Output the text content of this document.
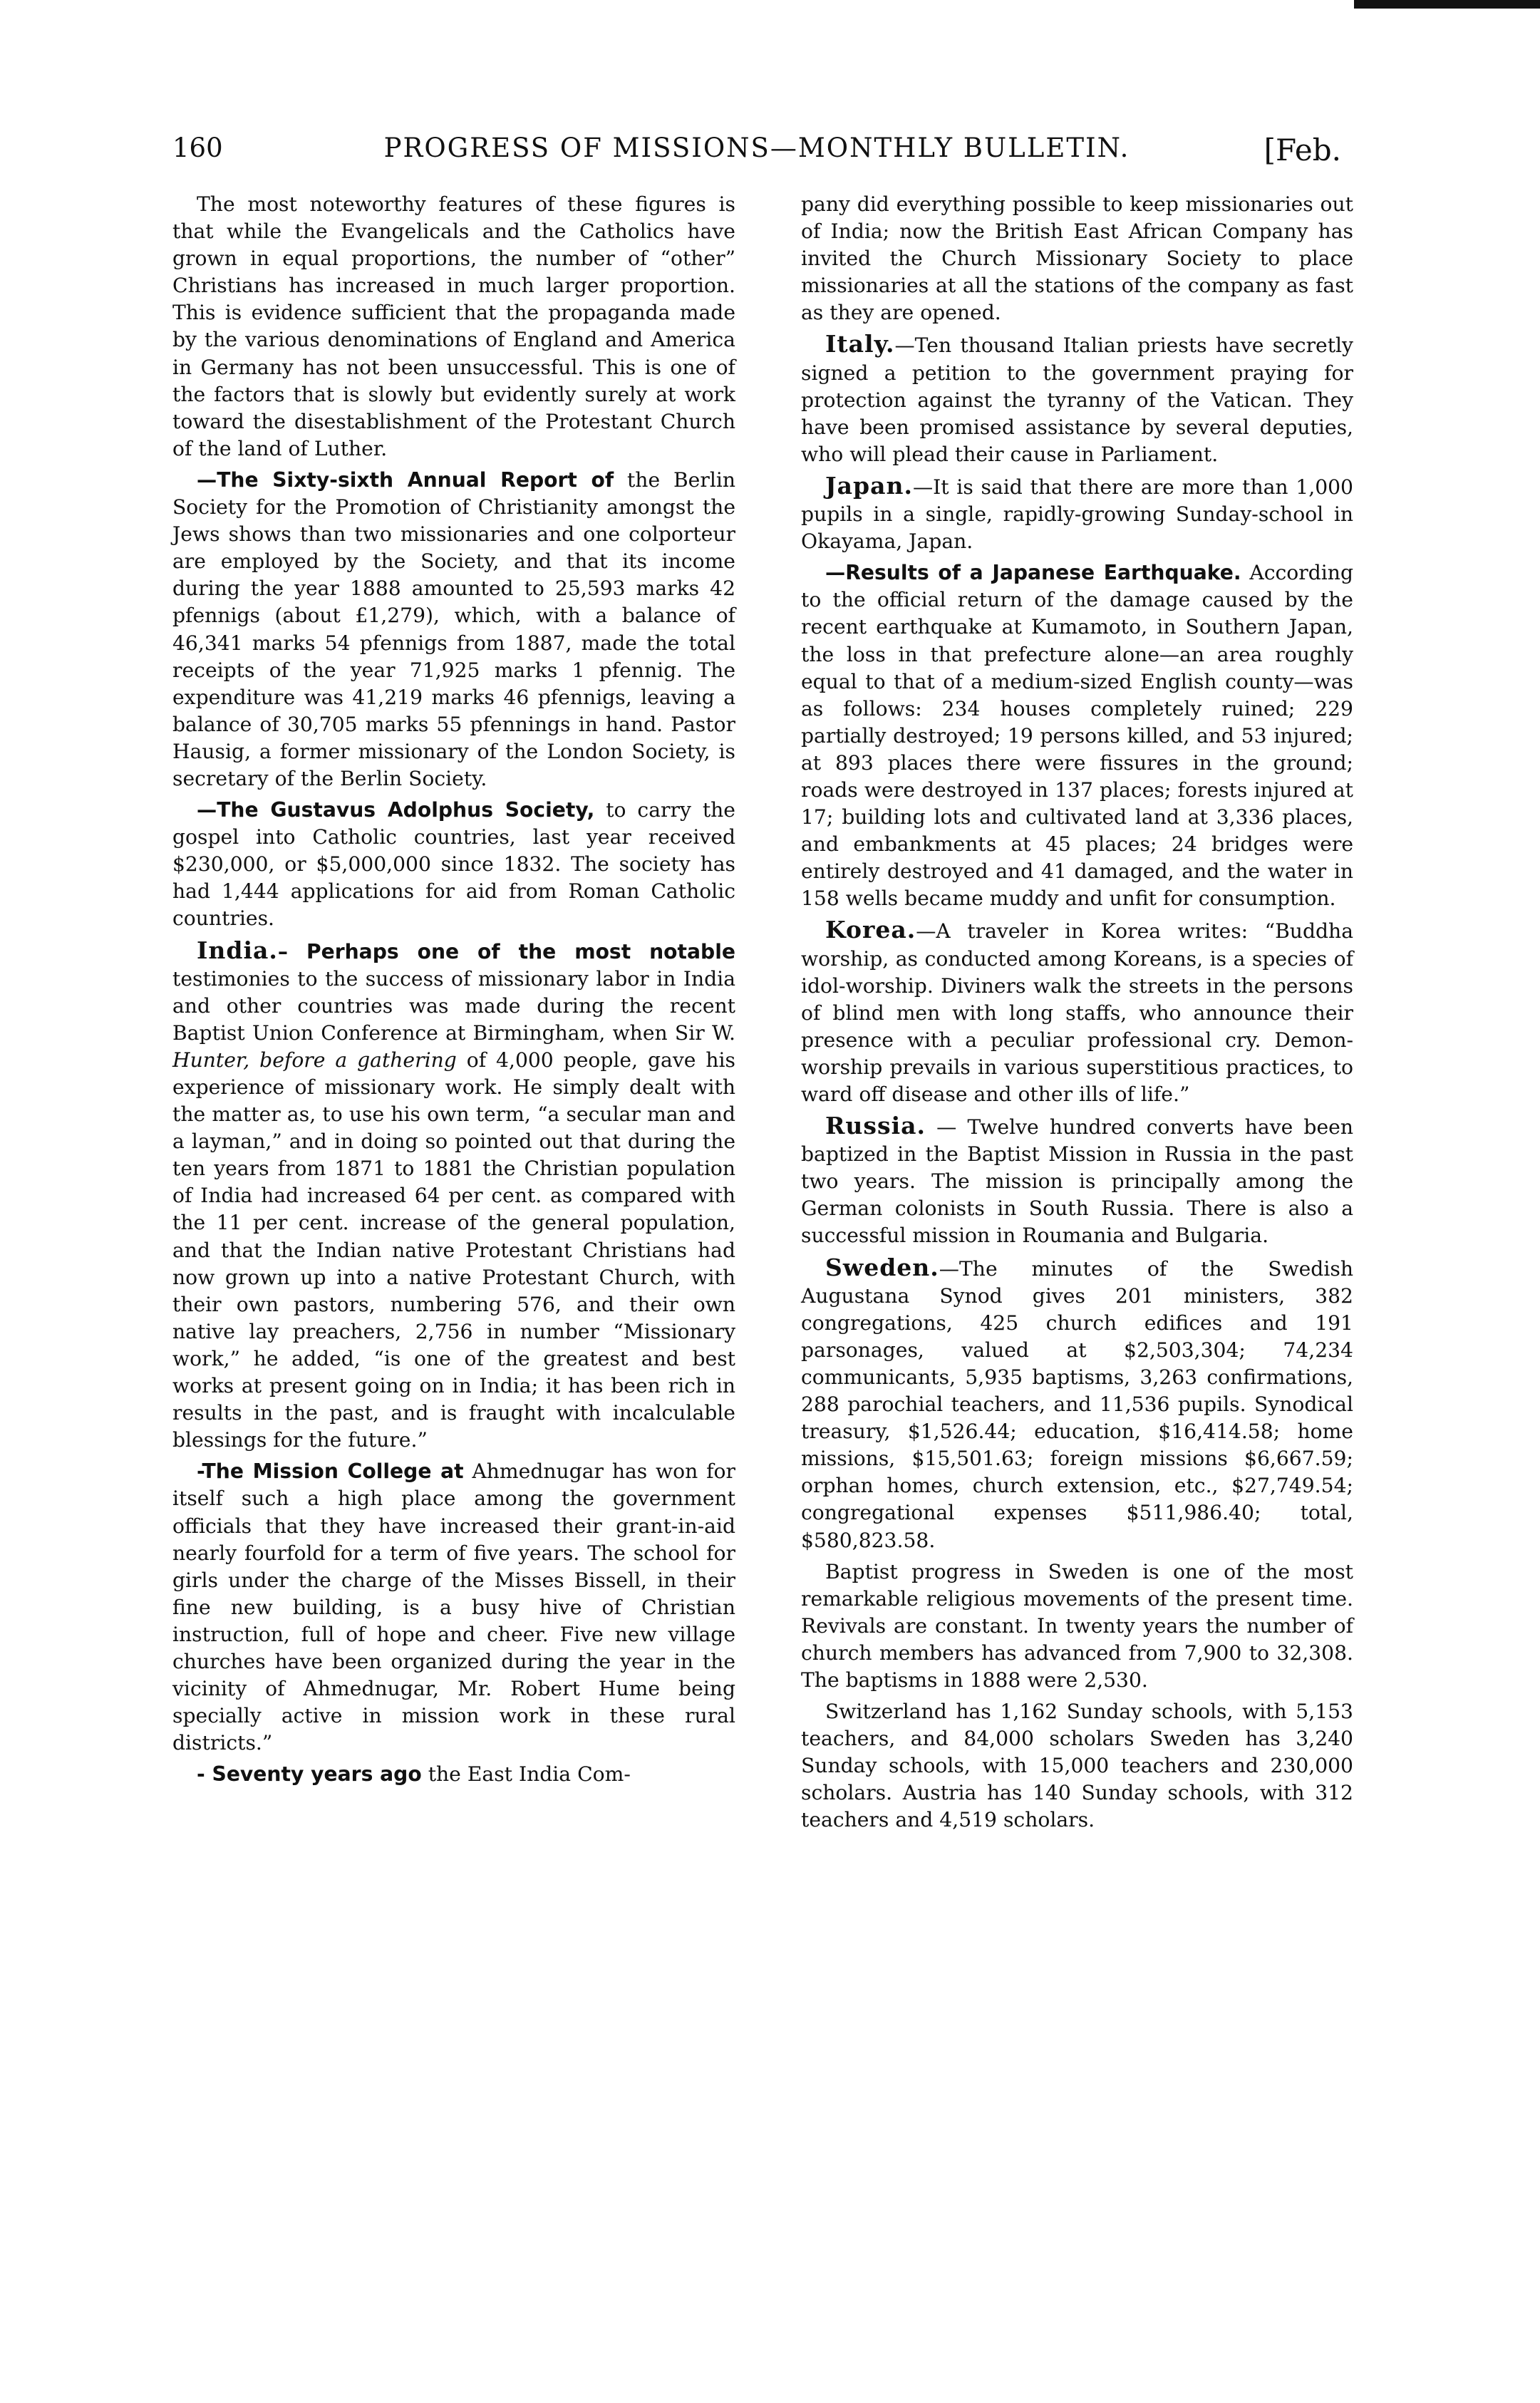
160	PROGRESS OF MISSIONS—MONTHLY BULLETIN.	[Feb.

The most noteworthy features of these figures is that while the Evangelicals and the Catholics have grown in equal proportions, the number of “other” Christians has increased in much larger proportion. This is evidence sufficient that the propaganda made by the various denominations of England and America in Germany has not been unsuccessful. This is one of the factors that is slowly but evidently surely at work toward the disestablishment of the Protestant Church of the land of Luther.

—The Sixty-sixth Annual Report of the Berlin Society for the Promotion of Christianity amongst the Jews shows than two missionaries and one colporteur are employed by the Society, and that its income during the year 1888 amounted to 25,593 marks 42 pfennigs (about £1,279), which, with a balance of 46,341 marks 54 pfennigs from 1887, made the total receipts of the year 71,925 marks 1 pfennig. The expenditure was 41,219 marks 46 pfennigs, leaving a balance of 30,705 marks 55 pfennings in hand. Pastor Hausig, a former missionary of the London Society, is secretary of the Berlin Society.

—The Gustavus Adolphus Society, to carry the gospel into Catholic countries, last year received $230,000, or $5,000,000 since 1832. The society has had 1,444 applications for aid from Roman Catholic countries.

India.– Perhaps one of the most notable testimonies to the success of missionary labor in India and other countries was made during the recent Baptist Union Conference at Birmingham, when Sir W. Hunter, before a gathering of 4,000 people, gave his experience of missionary work. He simply dealt with the matter as, to use his own term, “a secular man and a layman,” and in doing so pointed out that during the ten years from 1871 to 1881 the Christian population of India had increased 64 per cent. as compared with the 11 per cent. increase of the general population, and that the Indian native Protestant Christians had now grown up into a native Protestant Church, with their own pastors, numbering 576, and their own native lay preachers, 2,756 in number “Missionary work,” he added, “is one of the greatest and best works at present going on in India; it has been rich in results in the past, and is fraught with incalculable blessings for the future.”

-The Mission College at Ahmednugar has won for itself such a high place among the government officials that they have increased their grant-in-aid nearly fourfold for a term of five years. The school for girls under the charge of the Misses Bissell, in their fine new building, is a busy hive of Christian instruction, full of hope and cheer. Five new village churches have been organized during the year in the vicinity of Ahmednugar, Mr. Robert Hume being specially active in mission work in these rural districts.”

- Seventy years ago the East India Com-

pany did everything possible to keep missionaries out of India; now the British East African Company has invited the Church Missionary Society to place missionaries at all the stations of the company as fast as they are opened.

Italy.—Ten thousand Italian priests have secretly signed a petition to the government praying for protection against the tyranny of the Vatican. They have been promised assistance by several deputies, who will plead their cause in Parliament.

Japan.—It is said that there are more than 1,000 pupils in a single, rapidly-growing Sunday-school in Okayama, Japan.

—Results of a Japanese Earthquake. According to the official return of the damage caused by the recent earthquake at Kumamoto, in Southern Japan, the loss in that prefecture alone—an area roughly equal to that of a medium-sized English county—was as follows: 234 houses completely ruined; 229 partially destroyed; 19 persons killed, and 53 injured; at 893 places there were fissures in the ground; roads were destroyed in 137 places; forests injured at 17; building lots and cultivated land at 3,336 places, and embankments at 45 places; 24 bridges were entirely destroyed and 41 damaged, and the water in 158 wells became muddy and unfit for consumption.

Korea.—A traveler in Korea writes: “Buddha worship, as conducted among Koreans, is a species of idol-worship. Diviners walk the streets in the persons of blind men with long staffs, who announce their presence with a peculiar professional cry. Demon-worship prevails in various superstitious practices, to ward off disease and other ills of life.”

Russia. — Twelve hundred converts have been baptized in the Baptist Mission in Russia in the past two years. The mission is principally among the German colonists in South Russia. There is also a successful mission in Roumania and Bulgaria.

Sweden.—The minutes of the Swedish Augustana Synod gives 201 ministers, 382 congregations, 425 church edifices and 191 parsonages, valued at $2,503,304; 74,234 communicants, 5,935 baptisms, 3,263 confirmations, 288 parochial teachers, and 11,536 pupils. Synodical treasury, $1,526.44; education, $16,414.58; home missions, $15,501.63; foreign missions $6,667.59; orphan homes, church extension, etc., $27,749.54; congregational expenses $511,986.40; total, $580,823.58.

Baptist progress in Sweden is one of the most remarkable religious movements of the present time. Revivals are constant. In twenty years the number of church members has advanced from 7,900 to 32,308. The baptisms in 1888 were 2,530.

Switzerland has 1,162 Sunday schools, with 5,153 teachers, and 84,000 scholars Sweden has 3,240 Sunday schools, with 15,000 teachers and 230,000 scholars. Austria has 140 Sunday schools, with 312 teachers and 4,519 scholars.
